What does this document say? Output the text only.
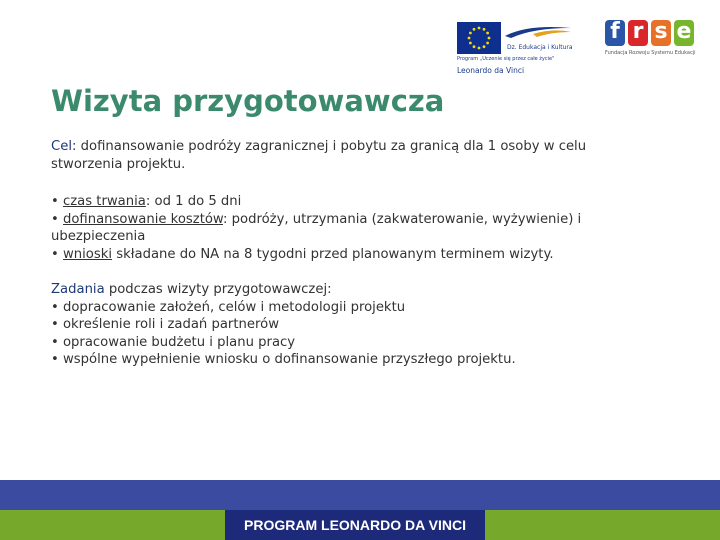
Dz. Edukacja i Kultura
Program „Uczenie się przez całe życie"
Leonardo da Vinci
f r s e
Fundacja Rozwoju Systemu Edukacji
Wizyta przygotowawcza

Cel: dofinansowanie podróży zagranicznej i pobytu za granicą dla 1 osoby w celu stworzenia projektu.

• czas trwania: od 1 do 5 dni

• dofinansowanie kosztów: podróży, utrzymania (zakwaterowanie, wyżywienie) i ubezpieczenia

• wnioski składane do NA na 8 tygodni przed planowanym terminem wizyty.

Zadania podczas wizyty przygotowawczej:

• dopracowanie założeń, celów i metodologii projektu

• określenie roli i zadań partnerów

• opracowanie budżetu i planu pracy

• wspólne wypełnienie wniosku o dofinansowanie przyszłego projektu.

PROGRAM LEONARDO DA VINCI
